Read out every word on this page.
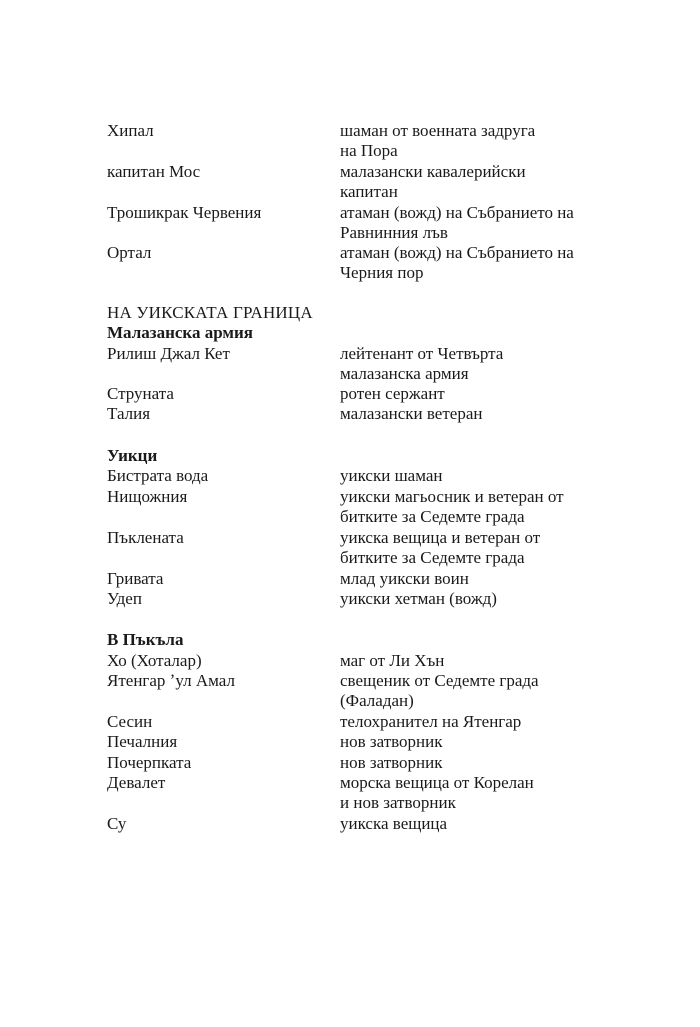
Хипал	шаман от военната задруга
на Пора
капитан Мос	малазански кавалерийски
капитан
Трошикрак Червения	атаман (вожд) на Събранието на
Равнинния лъв
Ортал	атаман (вожд) на Събранието на
Черния пор
НА УИКСКАТА ГРАНИЦА
Малазанска армия
Рилиш Джал Кет	лейтенант от Четвърта
малазанска армия
Струната	ротен сержант
Талия	малазански ветеран
Уикци
Бистрата вода	уикски шаман
Нищожния	уикски магьосник и ветеран от
битките за Седемте града
Пъклената	уикска вещица и ветеран от
битките за Седемте града
Гривата	млад уикски воин
Удеп	уикски хетман (вожд)
В Пъкъла
Хо (Хоталар)	маг от Ли Хън
Ятенгар ʼул Амал	свещеник от Седемте града
(Фаладан)
Сесин	телохранител на Ятенгар
Печалния	нов затворник
Почерпката	нов затворник
Девалет	морска вещица от Корелан
и нов затворник
Су	уикска вещица
